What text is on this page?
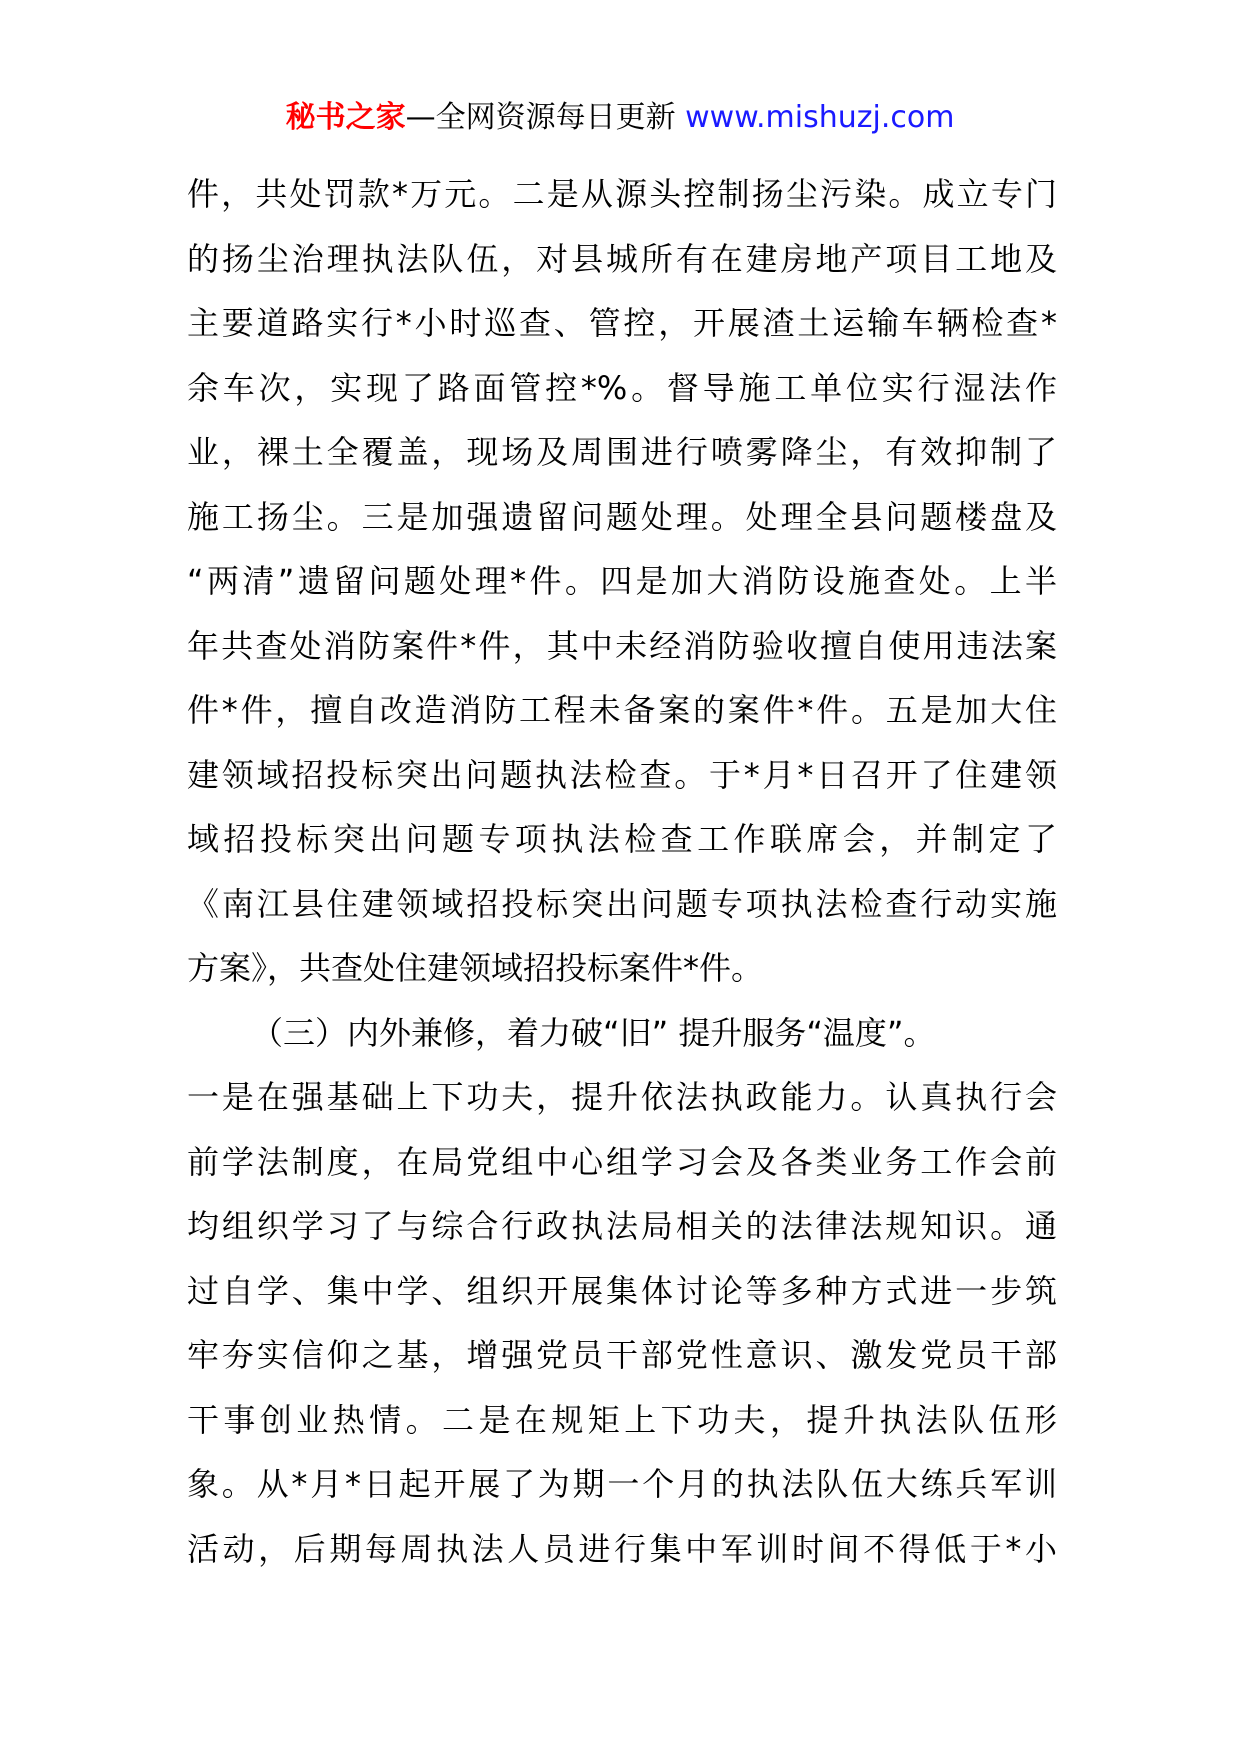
秘书之家—全网资源每日更新 www.mishuzj.com
件，共处罚款*万元。二是从源头控制扬尘污染。成立专门
的扬尘治理执法队伍，对县城所有在建房地产项目工地及
主要道路实行*小时巡查、管控，开展渣土运输车辆检查*
余车次，实现了路面管控*%。督导施工单位实行湿法作
业，裸土全覆盖，现场及周围进行喷雾降尘，有效抑制了
施工扬尘。三是加强遗留问题处理。处理全县问题楼盘及
“两清”遗留问题处理*件。四是加大消防设施查处。上半
年共查处消防案件*件，其中未经消防验收擅自使用违法案
件*件，擅自改造消防工程未备案的案件*件。五是加大住
建领域招投标突出问题执法检查。于*月*日召开了住建领
域招投标突出问题专项执法检查工作联席会，并制定了
《南江县住建领域招投标突出问题专项执法检查行动实施
方案》，共查处住建领域招投标案件*件。
（三）内外兼修，着力破“旧” 提升服务“温度”。
一是在强基础上下功夫，提升依法执政能力。认真执行会
前学法制度，在局党组中心组学习会及各类业务工作会前
均组织学习了与综合行政执法局相关的法律法规知识。通
过自学、集中学、组织开展集体讨论等多种方式进一步筑
牢夯实信仰之基，增强党员干部党性意识、激发党员干部
干事创业热情。二是在规矩上下功夫，提升执法队伍形
象。从*月*日起开展了为期一个月的执法队伍大练兵军训
活动，后期每周执法人员进行集中军训时间不得低于*小
